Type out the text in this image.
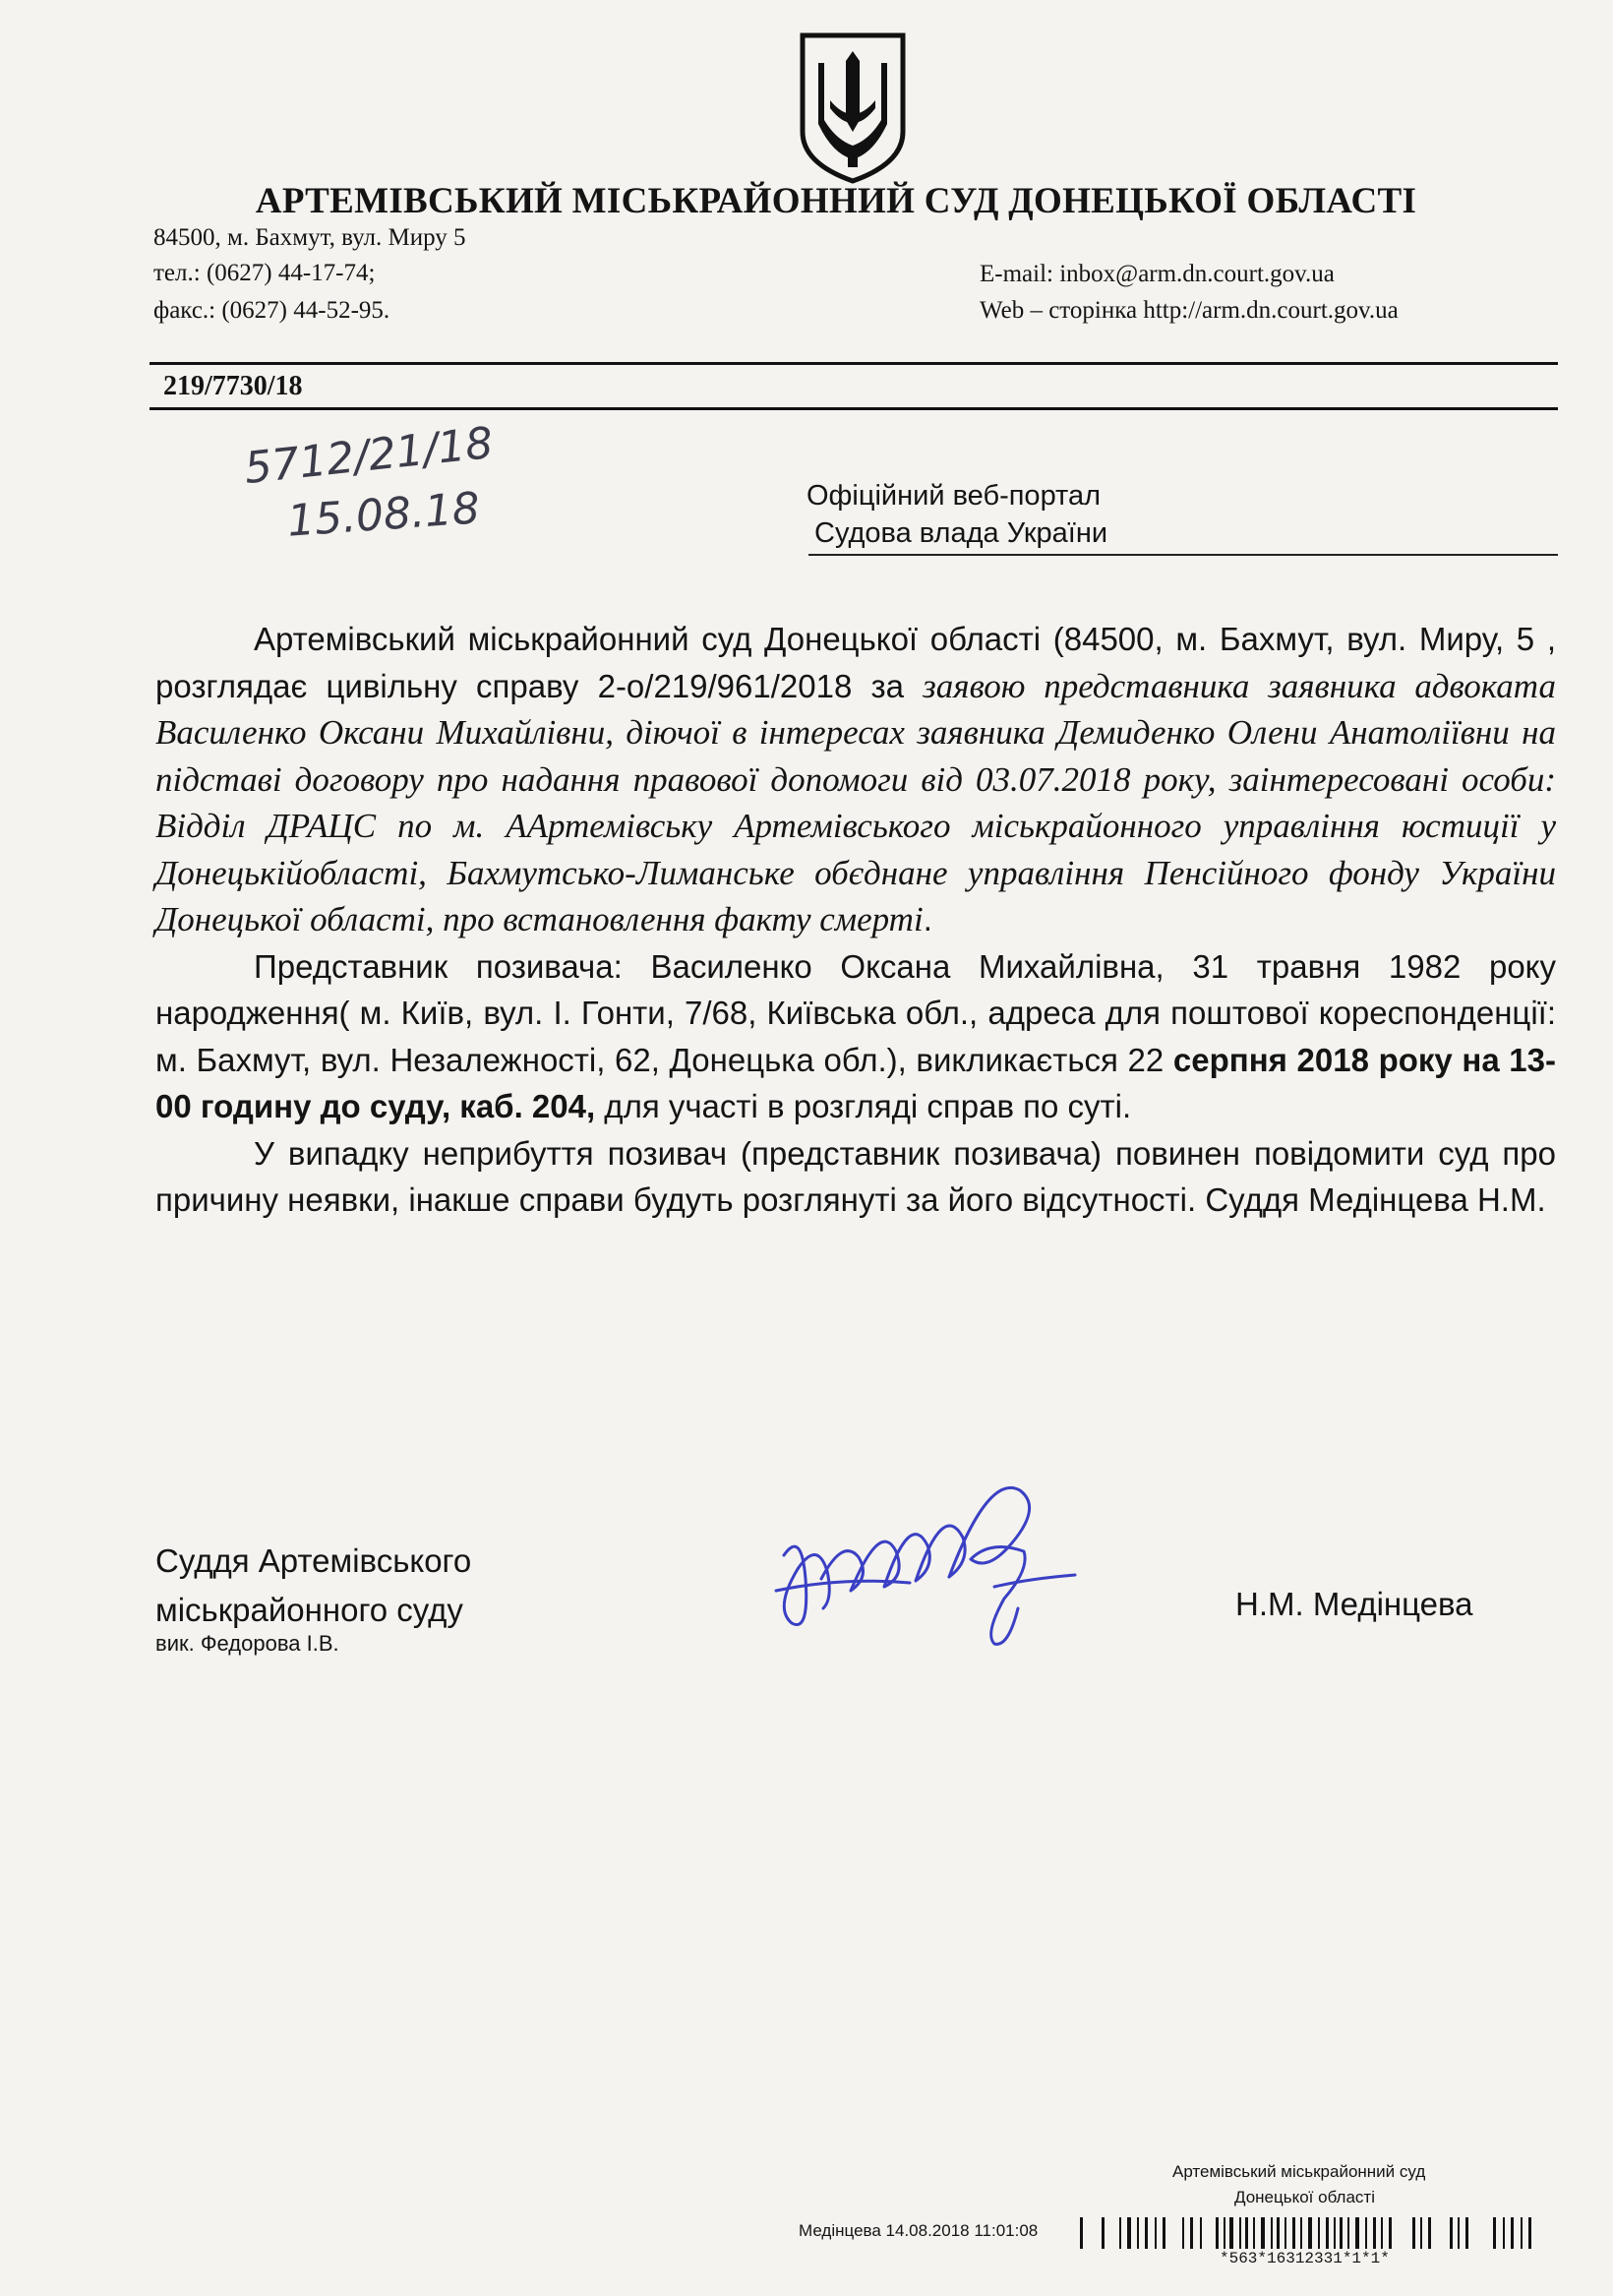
АРТЕМІВСЬКИЙ МІСЬКРАЙОННИЙ СУД ДОНЕЦЬКОЇ ОБЛАСТІ
84500, м. Бахмут, вул. Миру 5
тел.: (0627) 44-17-74;
факс.: (0627) 44-52-95.
E-mail: inbox@arm.dn.court.gov.ua
Web – сторінка http://arm.dn.court.gov.ua
219/7730/18
5712/21/18
15.08.18	Офіційний веб-портал
Судова влада України

Артемівський міськрайонний суд Донецької області (84500, м. Бахмут, вул. Миру, 5 , розглядає цивільну справу 2-о/219/961/2018 за заявою представника заявника адвоката Василенко Оксани Михайлівни, діючої в інтересах заявника Демиденко Олени Анатоліївни на підставі договору про надання правової допомоги від 03.07.2018 року, заінтересовані особи: Відділ ДРАЦС по м. ААртемівську Артемівського міськрайонного управління юстиції у Донецькійобласті, Бахмутсько-Лиманське обєднане управління Пенсійного фонду України Донецької області, про встановлення факту смерті.

Представник позивача: Василенко Оксана Михайлівна, 31 травня 1982 року народження( м. Київ, вул. І. Гонти, 7/68, Київська обл., адреса для поштової кореспонденції: м. Бахмут, вул. Незалежності, 62, Донецька обл.), викликається 22 серпня 2018 року на 13-00 годину до суду, каб. 204, для участі в розгляді справ по суті.

У випадку неприбуття позивач (представник позивача) повинен повідомити суд про причину неявки, інакше справи будуть розглянуті за його відсутності. Суддя Медінцева Н.М.

Суддя Артемівського
міськрайонного суду
вик. Федорова І.В.
Н.М. Медінцева
Артемівський міськрайонний суд
Донецької області
Медінцева 14.08.2018 11:01:08
*563*16312331*1*1*
